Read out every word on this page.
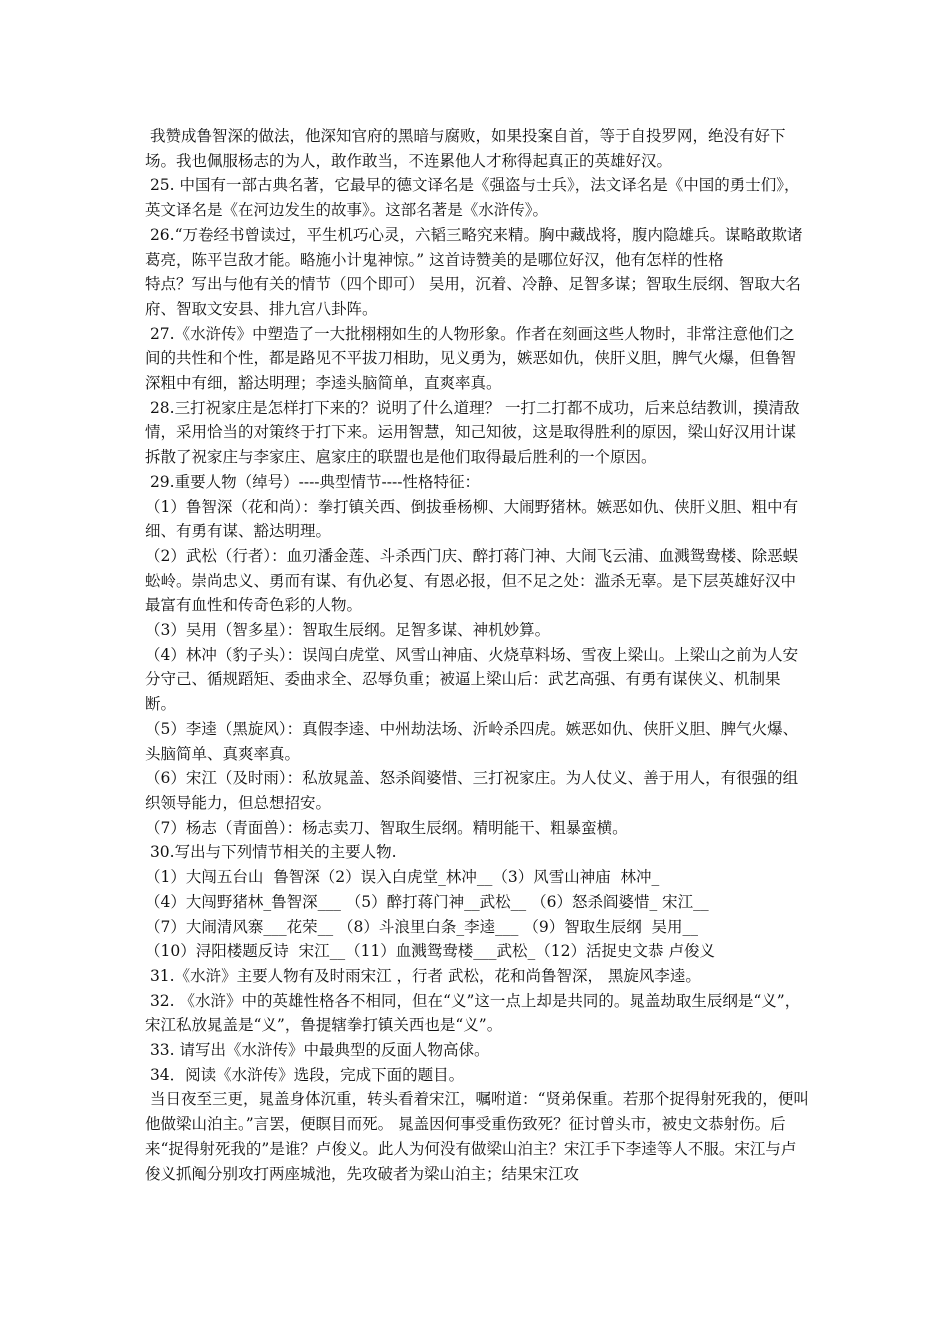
我赞成鲁智深的做法，他深知官府的黑暗与腐败，如果投案自首，等于自投罗网，绝没有好下场。我也佩服杨志的为人，敢作敢当，不连累他人才称得起真正的英雄好汉。

25. 中国有一部古典名著，它最早的德文译名是《强盗与士兵》，法文译名是《中国的勇士们》，英文译名是《在河边发生的故事》。这部名著是《水浒传》。

26.“万卷经书曾读过，平生机巧心灵，六韬三略究来精。胸中藏战将，腹内隐雄兵。谋略敢欺诸葛亮，陈平岂敌才能。略施小计鬼神惊。” 这首诗赞美的是哪位好汉，他有怎样的性格

特点？写出与他有关的情节（四个即可） 吴用，沉着、冷静、足智多谋；智取生辰纲、智取大名府、智取文安县、排九宫八卦阵。

27.《水浒传》中塑造了一大批栩栩如生的人物形象。作者在刻画这些人物时，非常注意他们之间的共性和个性，都是路见不平拔刀相助，见义勇为，嫉恶如仇，侠肝义胆，脾气火爆，但鲁智深粗中有细，豁达明理；李逵头脑简单，直爽率真。

28.三打祝家庄是怎样打下来的？说明了什么道理？ 一打二打都不成功，后来总结教训，摸清敌情，采用恰当的对策终于打下来。运用智慧，知己知彼，这是取得胜利的原因，梁山好汉用计谋拆散了祝家庄与李家庄、扈家庄的联盟也是他们取得最后胜利的一个原因。

29.重要人物（绰号）----典型情节----性格特征：

（1）鲁智深（花和尚）：拳打镇关西、倒拔垂杨柳、大闹野猪林。嫉恶如仇、侠肝义胆、粗中有细、有勇有谋、豁达明理。

（2）武松（行者）：血刃潘金莲、斗杀西门庆、醉打蒋门神、大闹飞云浦、血溅鸳鸯楼、除恶蜈蚣岭。崇尚忠义、勇而有谋、有仇必复、有恩必报，但不足之处：滥杀无辜。是下层英雄好汉中最富有血性和传奇色彩的人物。

（3）吴用（智多星）：智取生辰纲。足智多谋、神机妙算。

（4）林冲（豹子头）：误闯白虎堂、风雪山神庙、火烧草料场、雪夜上梁山。上梁山之前为人安分守己、循规蹈矩、委曲求全、忍辱负重；被逼上梁山后：武艺高强、有勇有谋侠义、机制果断。

（5）李逵（黑旋风）：真假李逵、中州劫法场、沂岭杀四虎。嫉恶如仇、侠肝义胆、脾气火爆、头脑简单、真爽率真。

（6）宋江（及时雨）：私放晁盖、怒杀阎婆惜、三打祝家庄。为人仗义、善于用人，有很强的组织领导能力，但总想招安。

（7）杨志（青面兽）：杨志卖刀、智取生辰纲。精明能干、粗暴蛮横。

30.写出与下列情节相关的主要人物.

（1）大闯五台山  鲁智深（2）误入白虎堂_林冲__（3）风雪山神庙  林冲_

（4）大闯野猪林_鲁智深___ （5）醉打蒋门神__武松__ （6）怒杀阎婆惜_ 宋江__

（7）大闹清风寨___花荣__ （8）斗浪里白条_李逵___ （9）智取生辰纲  吴用__

（10）浔阳楼题反诗  宋江__（11）血溅鸳鸯楼___武松_（12）活捉史文恭 卢俊义

31.《水浒》主要人物有及时雨宋江 ，行者 武松，花和尚鲁智深， 黑旋风李逵。

32. 《水浒》中的英雄性格各不相同，但在“义”这一点上却是共同的。晁盖劫取生辰纲是“义”，宋江私放晁盖是“义”，鲁提辖拳打镇关西也是“义”。

33. 请写出《水浒传》中最典型的反面人物高俅。

34．阅读《水浒传》选段，完成下面的题目。

当日夜至三更，晁盖身体沉重，转头看着宋江，嘱咐道：“贤弟保重。若那个捉得射死我的，便叫他做梁山泊主。”言罢，便瞑目而死。 晁盖因何事受重伤致死？征讨曾头市，被史文恭射伤。后来“捉得射死我的”是谁？卢俊义。此人为何没有做梁山泊主？宋江手下李逵等人不服。宋江与卢俊义抓阄分别攻打两座城池，先攻破者为梁山泊主；结果宋江攻
